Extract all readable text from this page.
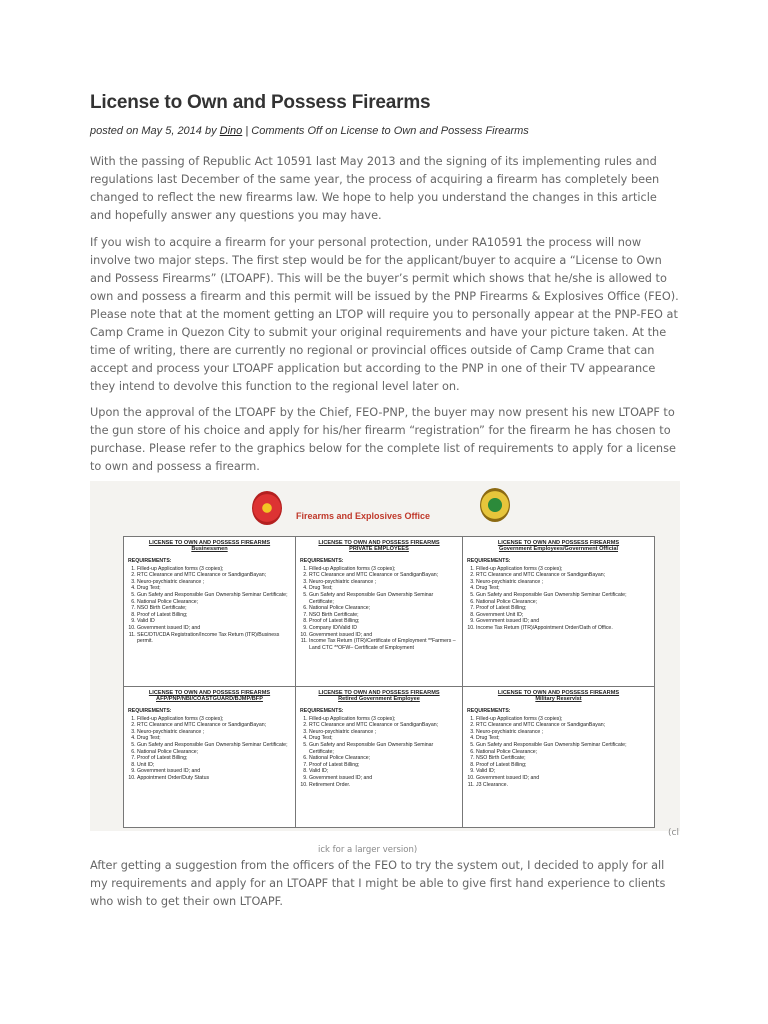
License to Own and Possess Firearms
posted on May 5, 2014 by Dino | Comments Off on License to Own and Possess Firearms

With the passing of Republic Act 10591 last May 2013 and the signing of its implementing rules and regulations last December of the same year, the process of acquiring a firearm has completely been changed to reflect the new firearms law. We hope to help you understand the changes in this article and hopefully answer any questions you may have.

If you wish to acquire a firearm for your personal protection, under RA10591 the process will now involve two major steps. The first step would be for the applicant/buyer to acquire a “License to Own and Possess Firearms” (LTOAPF). This will be the buyer’s permit which shows that he/she is allowed to own and possess a firearm and this permit will be issued by the PNP Firearms & Explosives Office (FEO). Please note that at the moment getting an LTOP will require you to personally appear at the PNP-FEO at Camp Crame in Quezon City to submit your original requirements and have your picture taken. At the time of writing, there are currently no regional or provincial offices outside of Camp Crame that can accept and process your LTOAPF application but according to the PNP in one of their TV appearance they intend to devolve this function to the regional level later on.

Upon the approval of the LTOAPF by the Chief, FEO-PNP, the buyer may now present his new LTOAPF to the gun store of his choice and apply for his/her firearm “registration” for the firearm he has chosen to purchase. Please refer to the graphics below for the complete list of requirements to apply for a license to own and possess a firearm.

Firearms and Explosives Office
LICENSE TO OWN AND POSSESS FIREARMS
Businessmen
REQUIREMENTS:
1. Filled-up Application forms (3 copies);
2. RTC Clearance and MTC Clearance or SandiganBayan;
3. Neuro-psychiatric clearance ;
4. Drug Test;
5. Gun Safety and Responsible Gun Ownership Seminar Certificate;
6. National Police Clearance;
7. NSO Birth Certificate;
8. Proof of Latest Billing;
9. Valid ID
10. Government issued ID; and
11. SEC/DTI/CDA Registration/Income Tax Return (ITR)/Business permit.
LICENSE TO OWN AND POSSESS FIREARMS
PRIVATE EMPLOYEES
REQUIREMENTS:
1. Filled-up Application forms (3 copies);
2. RTC Clearance and MTC Clearance or SandiganBayan;
3. Neuro-psychiatric clearance ;
4. Drug Test;
5. Gun Safety and Responsible Gun Ownership Seminar Certificate;
6. National Police Clearance;
7. NSO Birth Certificate;
8. Proof of Latest Billing;
9. Company ID/Valid ID
10. Government issued ID; and
11. Income Tax Return (ITR)/Certificate of Employment **Farmers – Land CTC **OFW– Certificate of Employment
LICENSE TO OWN AND POSSESS FIREARMS
Government Employees/Government Official
REQUIREMENTS:
1. Filled-up Application forms (3 copies);
2. RTC Clearance and MTC Clearance or SandiganBayan;
3. Neuro-psychiatric clearance ;
4. Drug Test;
5. Gun Safety and Responsible Gun Ownership Seminar Certificate;
6. National Police Clearance;
7. Proof of Latest Billing;
8. Government Unit ID;
9. Government issued ID; and
10. Income Tax Return (ITR)/Appointment Order/Oath of Office.
LICENSE TO OWN AND POSSESS FIREARMS
AFP/PNP/NBI/COASTGUARD/BJMP/BFP
REQUIREMENTS:
1. Filled-up Application forms (3 copies);
2. RTC Clearance and MTC Clearance or SandiganBayan;
3. Neuro-psychiatric clearance ;
4. Drug Test;
5. Gun Safety and Responsible Gun Ownership Seminar Certificate;
6. National Police Clearance;
7. Proof of Latest Billing;
8. Unit ID;
9. Government issued ID; and
10. Appointment Order/Duty Status
LICENSE TO OWN AND POSSESS FIREARMS
Retired Government Employee
REQUIREMENTS:
1. Filled-up Application forms (3 copies);
2. RTC Clearance and MTC Clearance or SandiganBayan;
3. Neuro-psychiatric clearance ;
4. Drug Test;
5. Gun Safety and Responsible Gun Ownership Seminar Certificate;
6. National Police Clearance;
7. Proof of Latest Billing;
8. Valid ID;
9. Government issued ID; and
10. Retirement Order.
LICENSE TO OWN AND POSSESS FIREARMS
Military Reservist
REQUIREMENTS:
1. Filled-up Application forms (3 copies);
2. RTC Clearance and MTC Clearance or SandiganBayan;
3. Neuro-psychiatric clearance ;
4. Drug Test;
5. Gun Safety and Responsible Gun Ownership Seminar Certificate;
6. National Police Clearance;
7. NSO Birth Certificate;
8. Proof of Latest Billing;
9. Valid ID;
10. Government issued ID; and
11. J3 Clearance.
(cl
ick for a larger version)

After getting a suggestion from the officers of the FEO to try the system out, I decided to apply for all my requirements and apply for an LTOAPF that I might be able to give first hand experience to clients who wish to get their own LTOAPF.
